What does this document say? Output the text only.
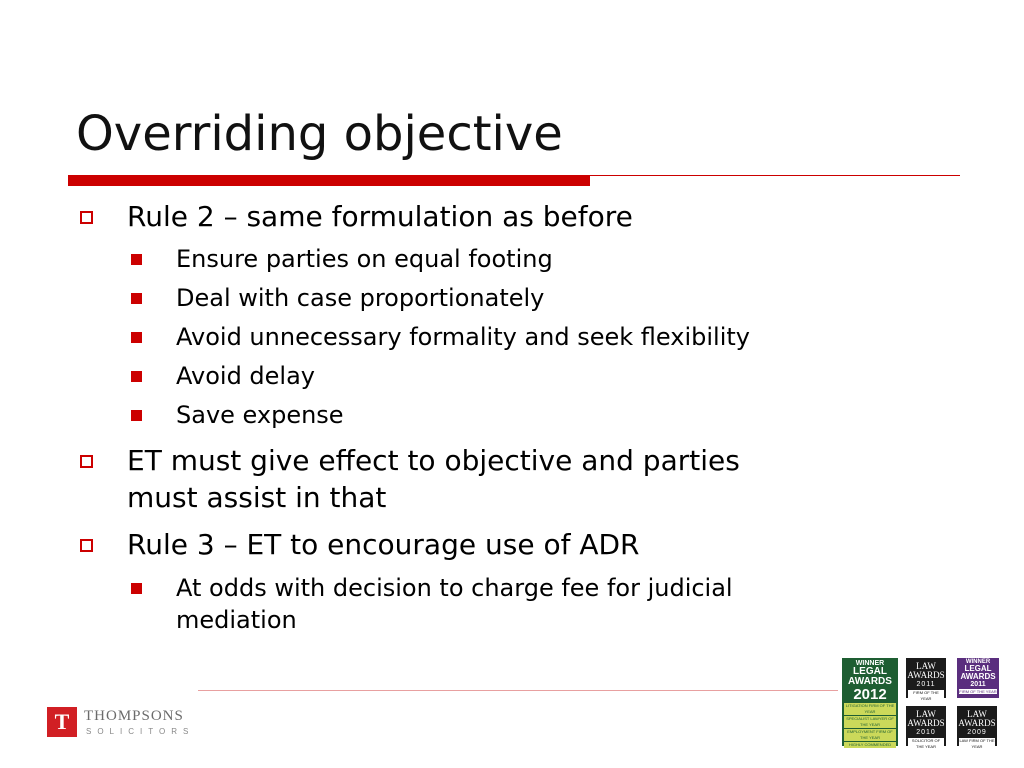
Overriding objective
Rule 2 – same formulation as before
Ensure parties on equal footing
Deal with case proportionately
Avoid unnecessary formality and seek flexibility
Avoid delay
Save expense
ET must give effect to objective and parties
must assist in that
Rule 3 – ET to encourage use of ADR
At odds with decision to charge fee for judicial
mediation
T THOMPSONS
SOLICITORS
WINNER
LEGAL
AWARDS
2012
LITIGATION FIRM OF THE YEAR
SPECIALIST LAWYER OF THE YEAR
EMPLOYMENT FIRM OF THE YEAR
HIGHLY COMMENDED
LAW AWARDS
2011
FIRM OF THE YEAR
WINNER
LEGAL
AWARDS
2011
FIRM OF THE YEAR
LAW AWARDS
2010
SOLICITOR OF THE YEAR
LAW AWARDS
2009
LAW FIRM OF THE YEAR
